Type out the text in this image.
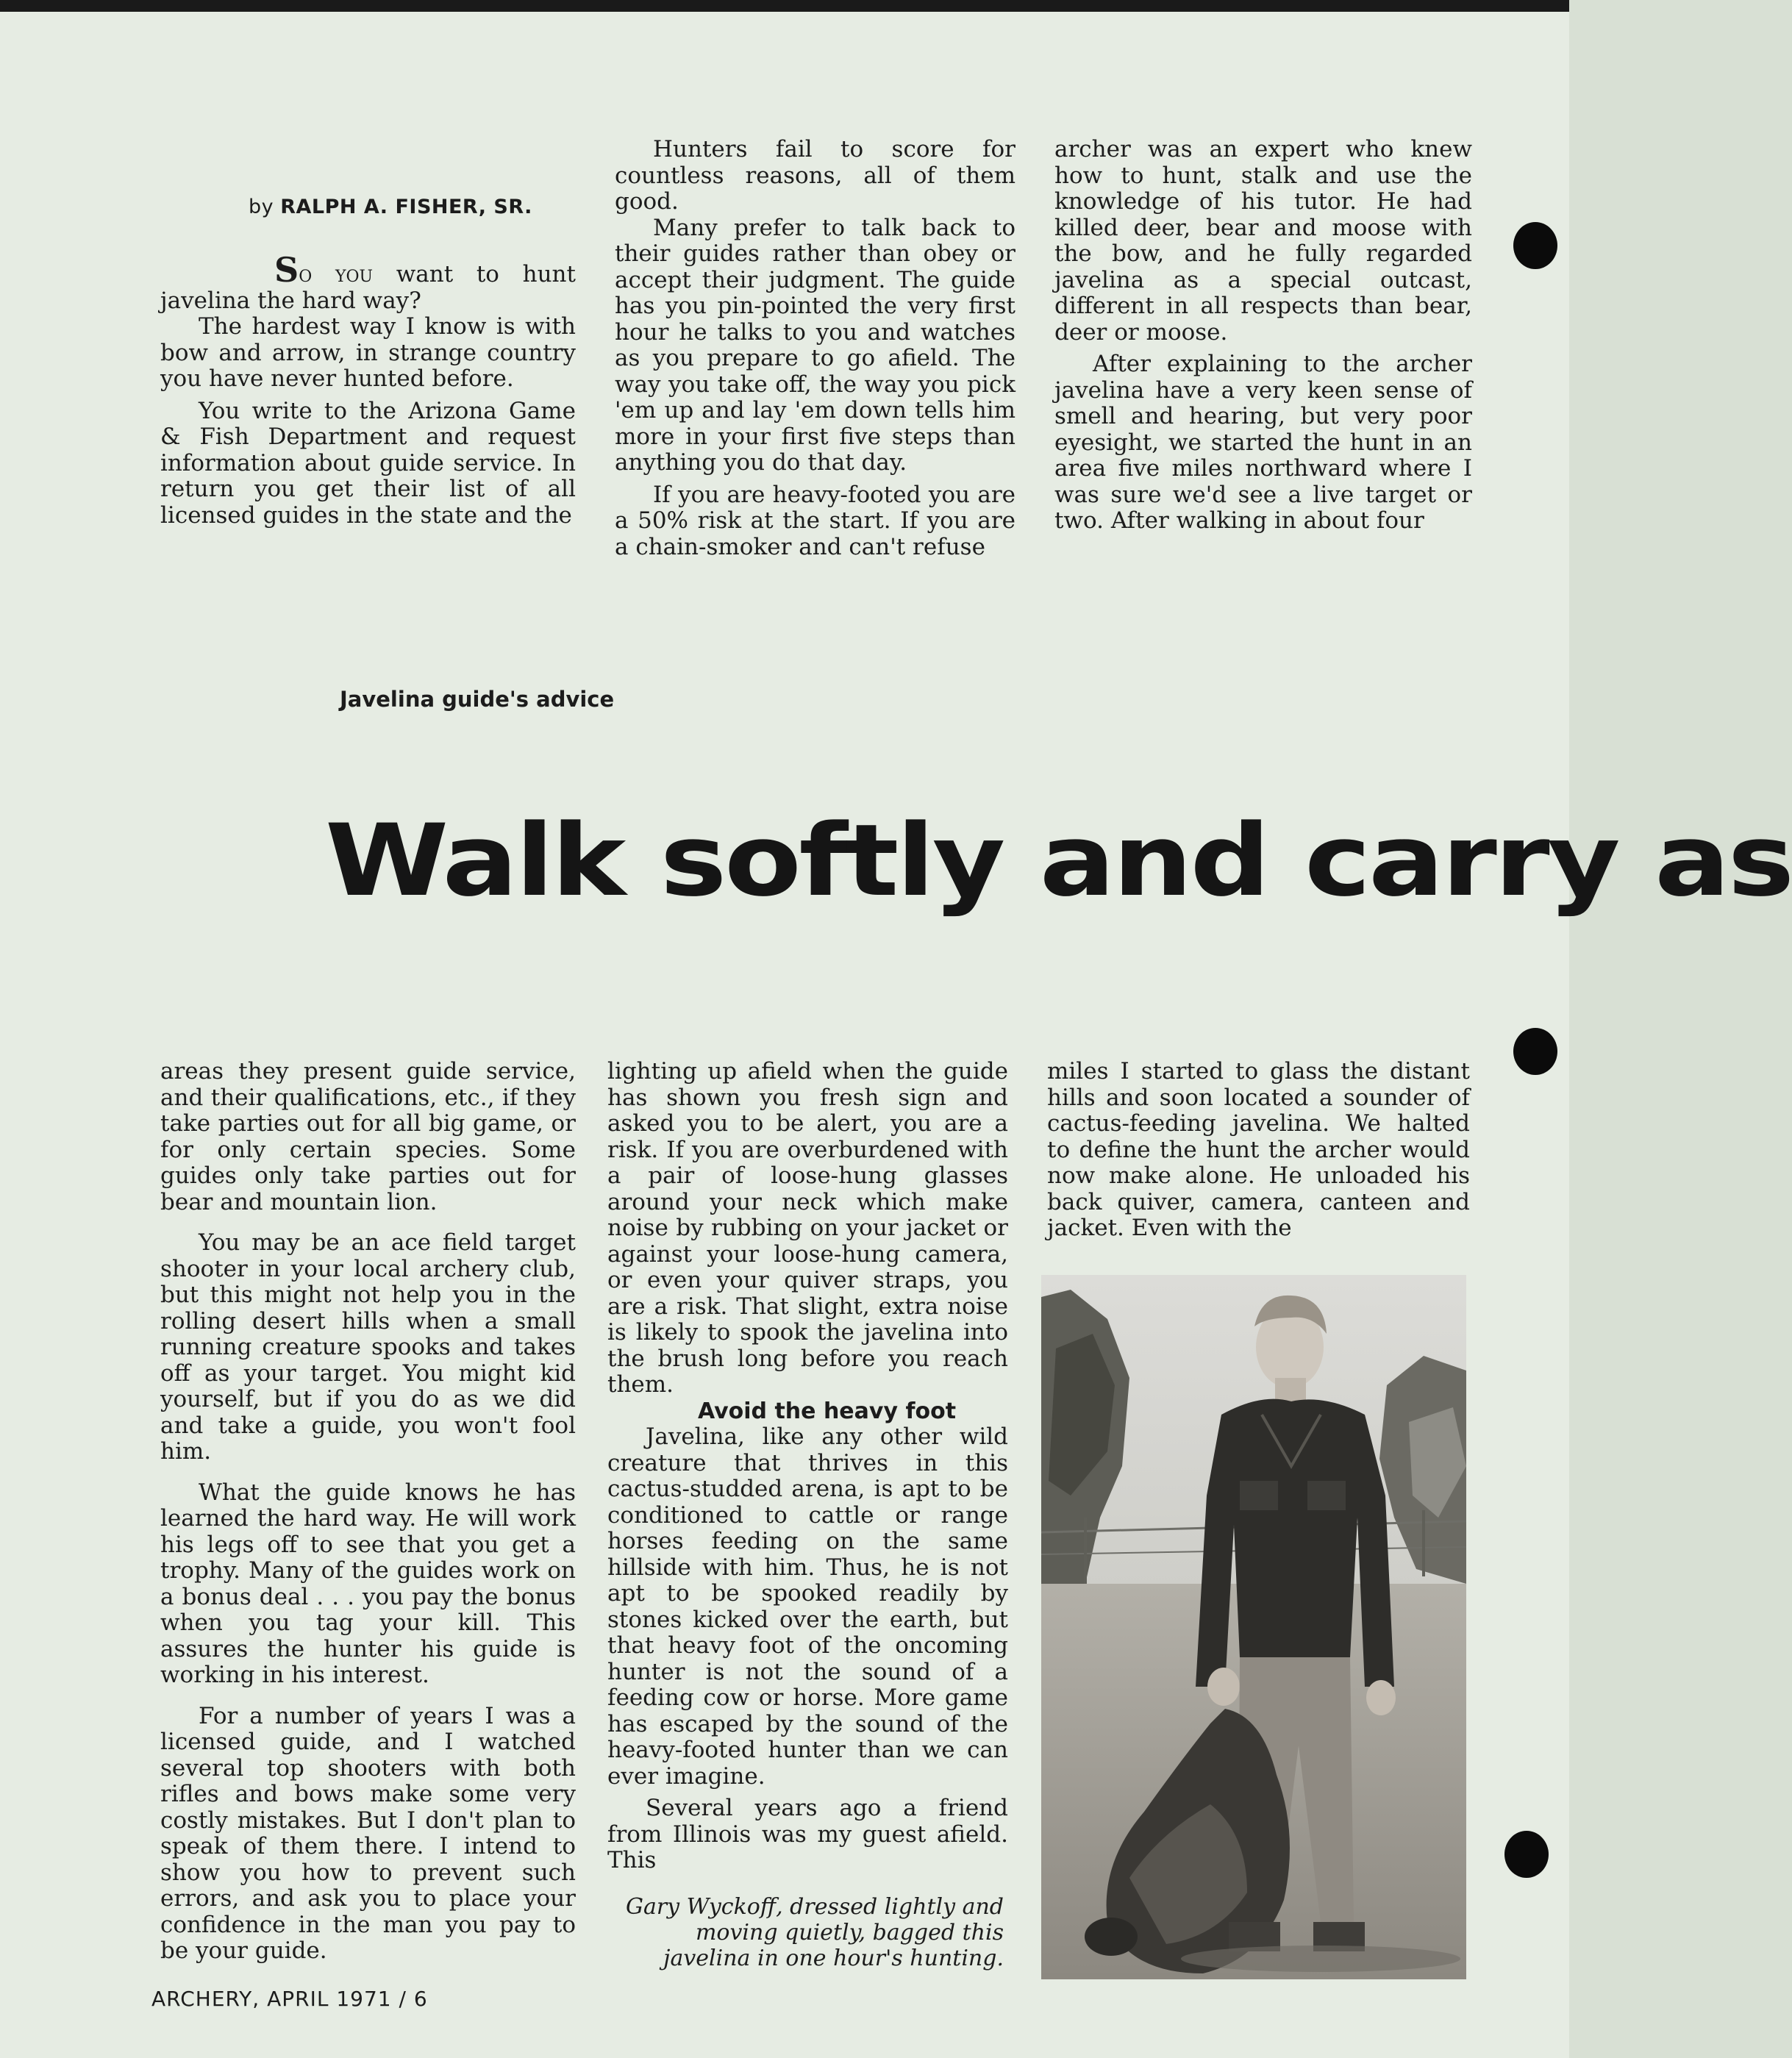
by RALPH A. FISHER, SR.

So you want to hunt javelina the hard way?

The hardest way I know is with bow and arrow, in strange country you have never hunted before.

You write to the Arizona Game & Fish Department and request information about guide service. In return you get their list of all licensed guides in the state and the

Hunters fail to score for countless reasons, all of them good.

Many prefer to talk back to their guides rather than obey or accept their judgment. The guide has you pin-pointed the very first hour he talks to you and watches as you prepare to go afield. The way you take off, the way you pick 'em up and lay 'em down tells him more in your first five steps than anything you do that day.

If you are heavy-footed you are a 50% risk at the start. If you are a chain-smoker and can't refuse

archer was an expert who knew how to hunt, stalk and use the knowledge of his tutor. He had killed deer, bear and moose with the bow, and he fully regarded javelina as a special outcast, different in all respects than bear, deer or moose.

After explaining to the archer javelina have a very keen sense of smell and hearing, but very poor eyesight, we started the hunt in an area five miles northward where I was sure we'd see a live target or two. After walking in about four

Javelina guide's advice
Walk softly and carry as

areas they present guide service, and their qualifications, etc., if they take parties out for all big game, or for only certain species. Some guides only take parties out for bear and mountain lion.

You may be an ace field target shooter in your local archery club, but this might not help you in the rolling desert hills when a small running creature spooks and takes off as your target. You might kid yourself, but if you do as we did and take a guide, you won't fool him.

What the guide knows he has learned the hard way. He will work his legs off to see that you get a trophy. Many of the guides work on a bonus deal . . . you pay the bonus when you tag your kill. This assures the hunter his guide is working in his interest.

For a number of years I was a licensed guide, and I watched several top shooters with both rifles and bows make some very costly mistakes. But I don't plan to speak of them there. I intend to show you how to prevent such errors, and ask you to place your confidence in the man you pay to be your guide.

lighting up afield when the guide has shown you fresh sign and asked you to be alert, you are a risk. If you are overburdened with a pair of loose-hung glasses around your neck which make noise by rubbing on your jacket or against your loose-hung camera, or even your quiver straps, you are a risk. That slight, extra noise is likely to spook the javelina into the brush long before you reach them.

Avoid the heavy foot

Javelina, like any other wild creature that thrives in this cactus-studded arena, is apt to be conditioned to cattle or range horses feeding on the same hillside with him. Thus, he is not apt to be spooked readily by stones kicked over the earth, but that heavy foot of the oncoming hunter is not the sound of a feeding cow or horse. More game has escaped by the sound of the heavy-footed hunter than we can ever imagine.

Several years ago a friend from Illinois was my guest afield. This

miles I started to glass the distant hills and soon located a sounder of cactus-feeding javelina. We halted to define the hunt the archer would now make alone. He unloaded his back quiver, camera, canteen and jacket. Even with the

Gary Wyckoff, dressed lightly and moving quietly, bagged this javelina in one hour's hunting.
ARCHERY, APRIL 1971 / 6
